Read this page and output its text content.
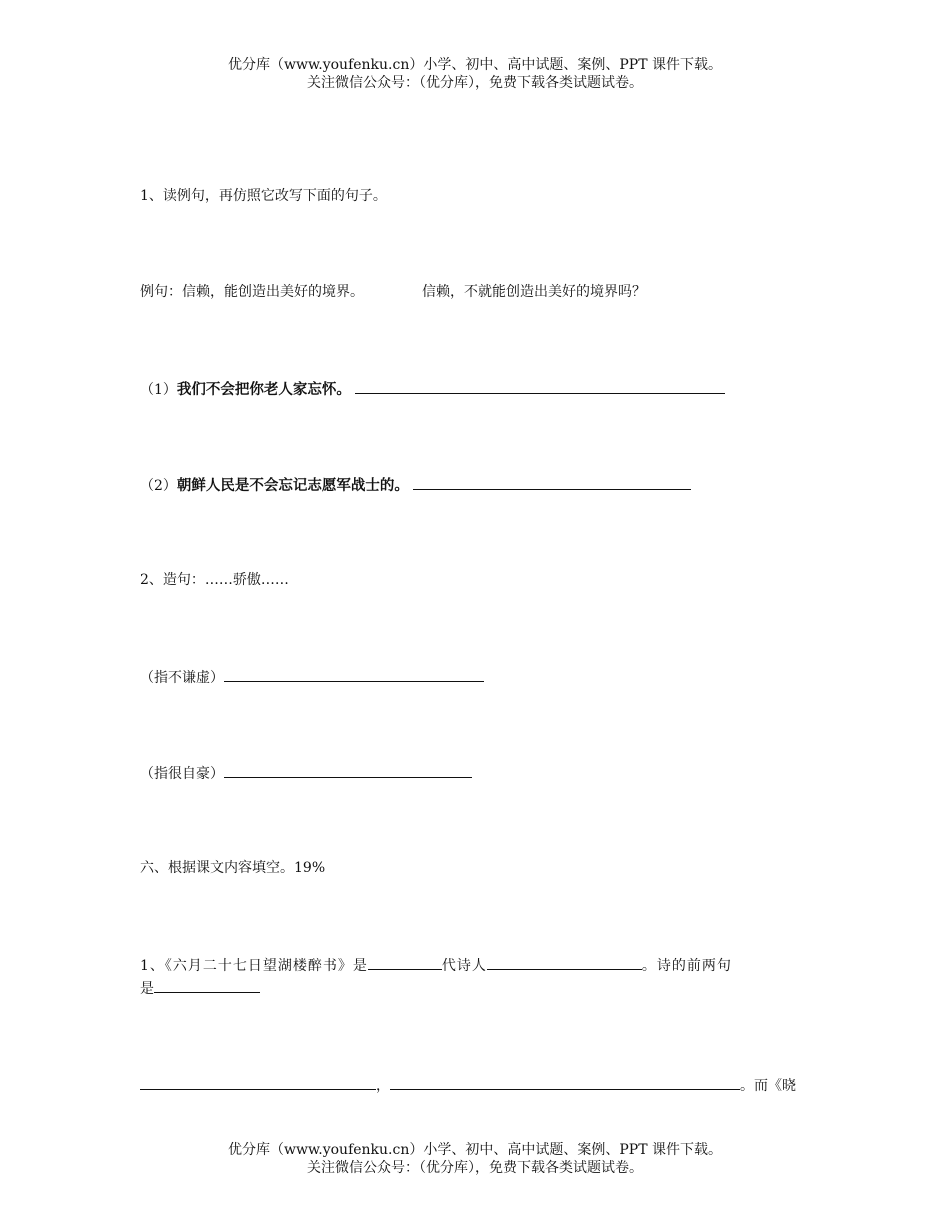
优分库（www.youfenku.cn）小学、初中、高中试题、案例、PPT 课件下载。
关注微信公众号：（优分库），免费下载各类试题试卷。
1、读例句，再仿照它改写下面的句子。
例句：信赖，能创造出美好的境界。	信赖，不就能创造出美好的境界吗？
（1）我们不会把你老人家忘怀。
（2）朝鲜人民是不会忘记志愿军战士的。
2、造句：……骄傲……
（指不谦虚）
（指很自豪）
六、根据课文内容填空。19%
1、《六月二十七日望湖楼醉书》是	代诗人	。诗的前两句
是
，	。而《晓
优分库（www.youfenku.cn）小学、初中、高中试题、案例、PPT 课件下载。
关注微信公众号：（优分库），免费下载各类试题试卷。
